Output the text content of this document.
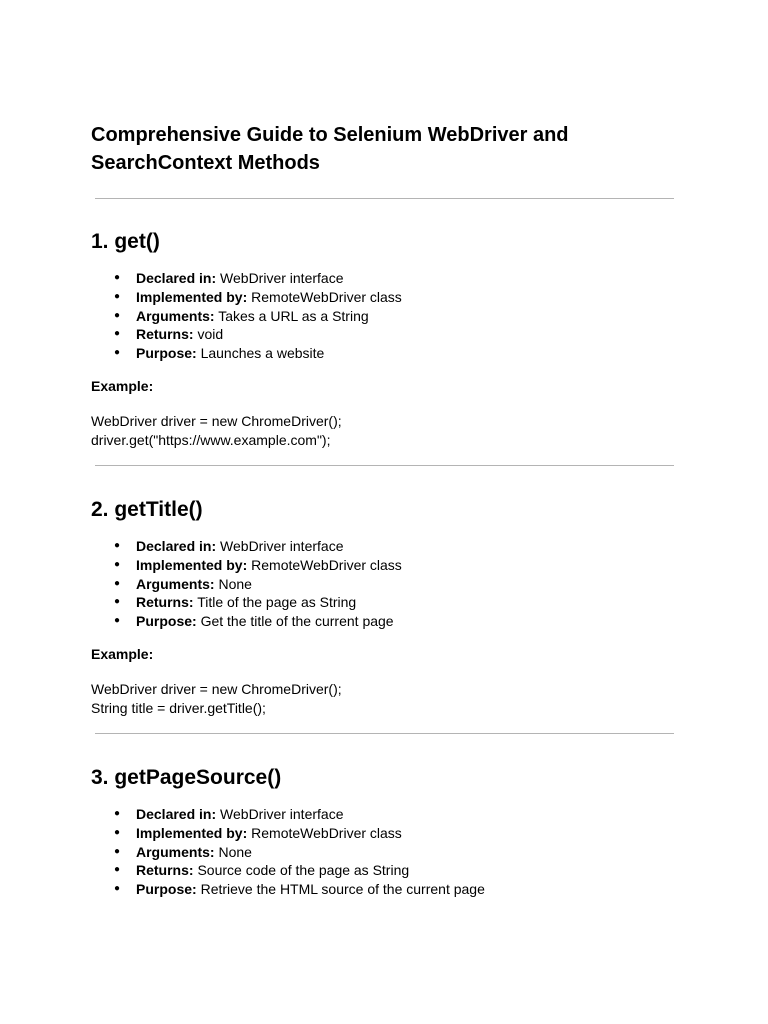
Comprehensive Guide to Selenium WebDriver and SearchContext Methods
1. get()
● Declared in: WebDriver interface
● Implemented by: RemoteWebDriver class
● Arguments: Takes a URL as a String
● Returns: void
● Purpose: Launches a website
Example:
WebDriver driver = new ChromeDriver();
driver.get("https://www.example.com");
2. getTitle()
● Declared in: WebDriver interface
● Implemented by: RemoteWebDriver class
● Arguments: None
● Returns: Title of the page as String
● Purpose: Get the title of the current page
Example:
WebDriver driver = new ChromeDriver();
String title = driver.getTitle();
3. getPageSource()
● Declared in: WebDriver interface
● Implemented by: RemoteWebDriver class
● Arguments: None
● Returns: Source code of the page as String
● Purpose: Retrieve the HTML source of the current page
